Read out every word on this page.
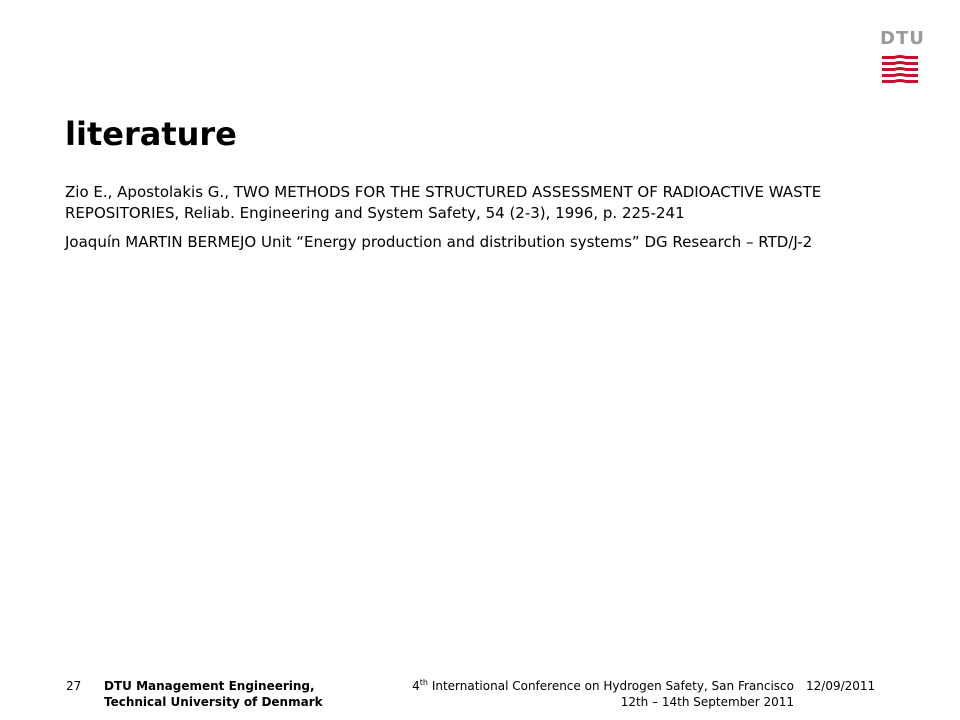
DTU
literature

Zio E., Apostolakis G., TWO METHODS FOR THE STRUCTURED ASSESSMENT OF RADIOACTIVE WASTE REPOSITORIES, Reliab. Engineering and System Safety, 54 (2-3), 1996, p. 225-241

Joaquín MARTIN BERMEJO Unit “Energy production and distribution systems” DG Research – RTD/J-2

27 DTU Management Engineering,
Technical University of Denmark
4th International Conference on Hydrogen Safety, San Francisco
12th – 14th September 2011
12/09/2011
